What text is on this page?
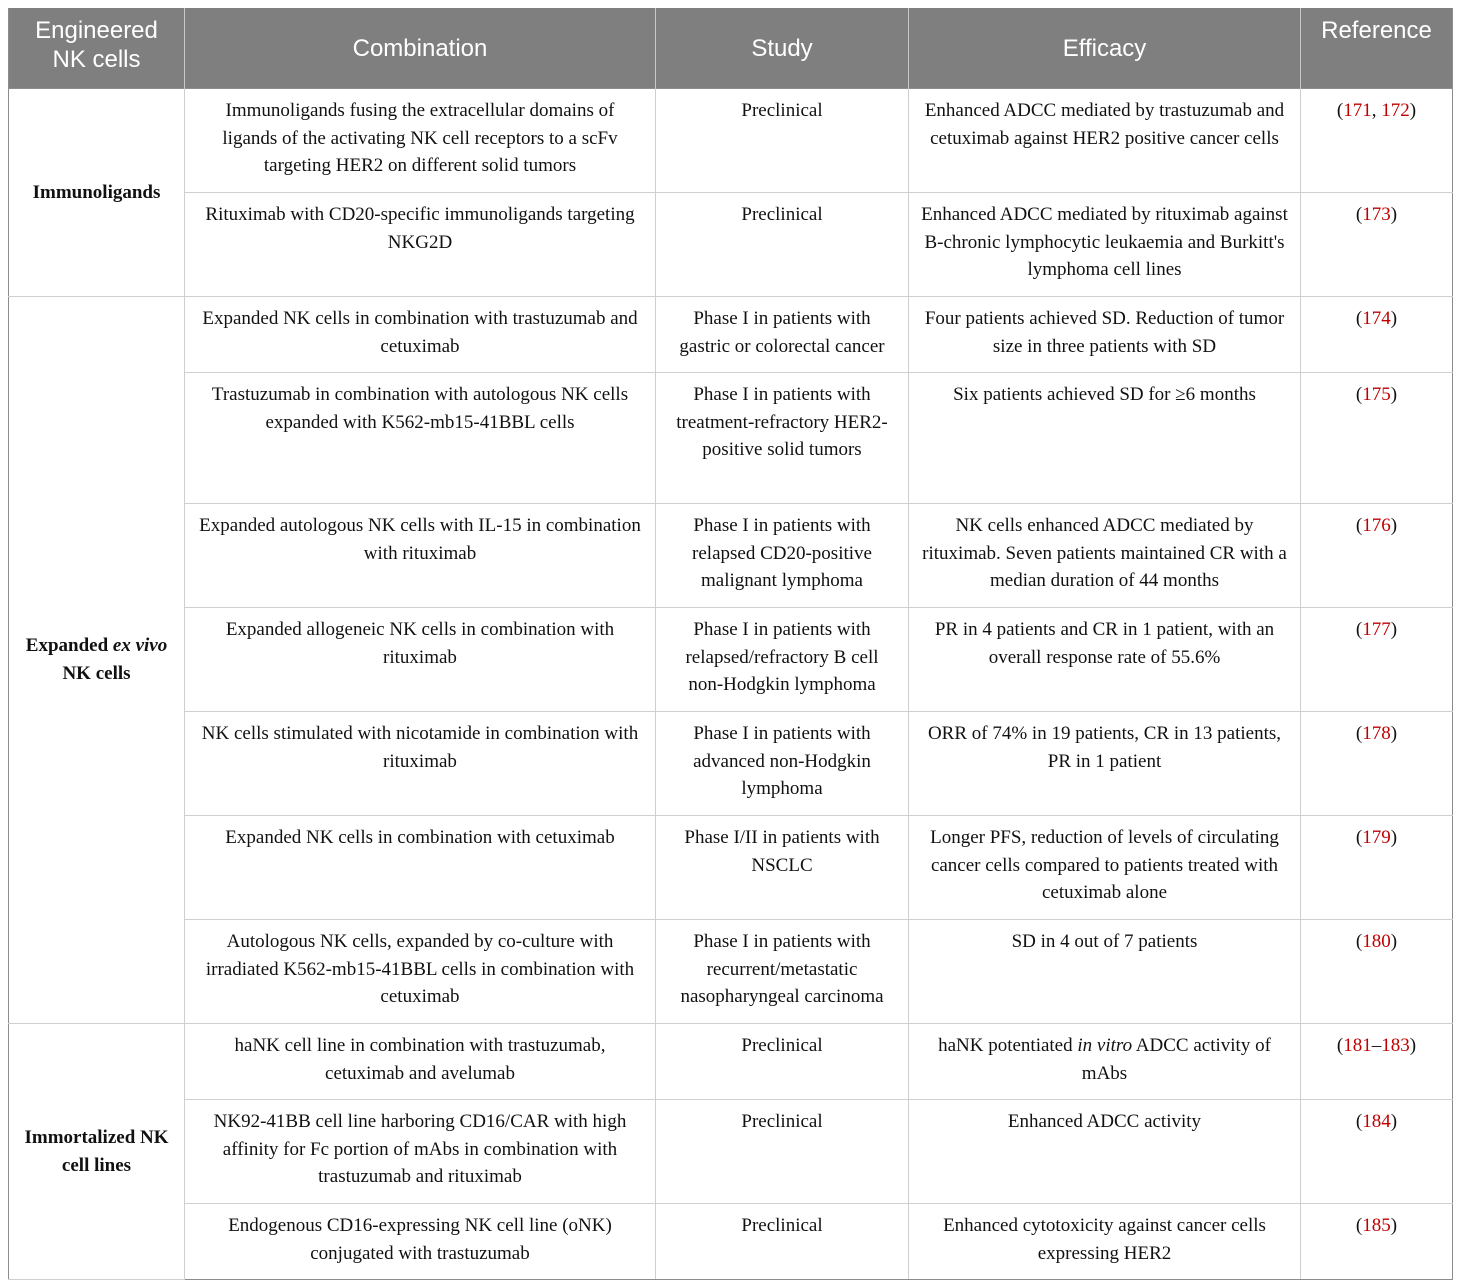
Engineered
NK cells	Combination	Study	Efficacy	Reference
Immunoligands	Immunoligands fusing the extracellular domains of ligands of the activating NK cell receptors to a scFv targeting HER2 on different solid tumors	Preclinical	Enhanced ADCC mediated by trastuzumab and cetuximab against HER2 positive cancer cells	(171, 172)
	Rituximab with CD20-specific immunoligands targeting NKG2D	Preclinical	Enhanced ADCC mediated by rituximab against B-chronic lymphocytic leukaemia and Burkitt's lymphoma cell lines	(173)
Expanded ex vivo NK cells	Expanded NK cells in combination with trastuzumab and cetuximab	Phase I in patients with gastric or colorectal cancer	Four patients achieved SD. Reduction of tumor size in three patients with SD	(174)
	Trastuzumab in combination with autologous NK cells expanded with K562-mb15-41BBL cells	Phase I in patients with treatment-refractory HER2-positive solid tumors	Six patients achieved SD for ≥6 months	(175)
	Expanded autologous NK cells with IL-15 in combination with rituximab	Phase I in patients with relapsed CD20-positive malignant lymphoma	NK cells enhanced ADCC mediated by rituximab. Seven patients maintained CR with a median duration of 44 months	(176)
	Expanded allogeneic NK cells in combination with rituximab	Phase I in patients with relapsed/refractory B cell non-Hodgkin lymphoma	PR in 4 patients and CR in 1 patient, with an overall response rate of 55.6%	(177)
	NK cells stimulated with nicotamide in combination with rituximab	Phase I in patients with advanced non-Hodgkin lymphoma	ORR of 74% in 19 patients, CR in 13 patients, PR in 1 patient	(178)
	Expanded NK cells in combination with cetuximab	Phase I/II in patients with NSCLC	Longer PFS, reduction of levels of circulating cancer cells compared to patients treated with cetuximab alone	(179)
	Autologous NK cells, expanded by co-culture with irradiated K562-mb15-41BBL cells in combination with cetuximab	Phase I in patients with recurrent/metastatic nasopharyngeal carcinoma	SD in 4 out of 7 patients	(180)
Immortalized NK cell lines	haNK cell line in combination with trastuzumab, cetuximab and avelumab	Preclinical	haNK potentiated in vitro ADCC activity of mAbs	(181–183)
	NK92-41BB cell line harboring CD16/CAR with high affinity for Fc portion of mAbs in combination with trastuzumab and rituximab	Preclinical	Enhanced ADCC activity	(184)
	Endogenous CD16-expressing NK cell line (oNK) conjugated with trastuzumab	Preclinical	Enhanced cytotoxicity against cancer cells expressing HER2	(185)
